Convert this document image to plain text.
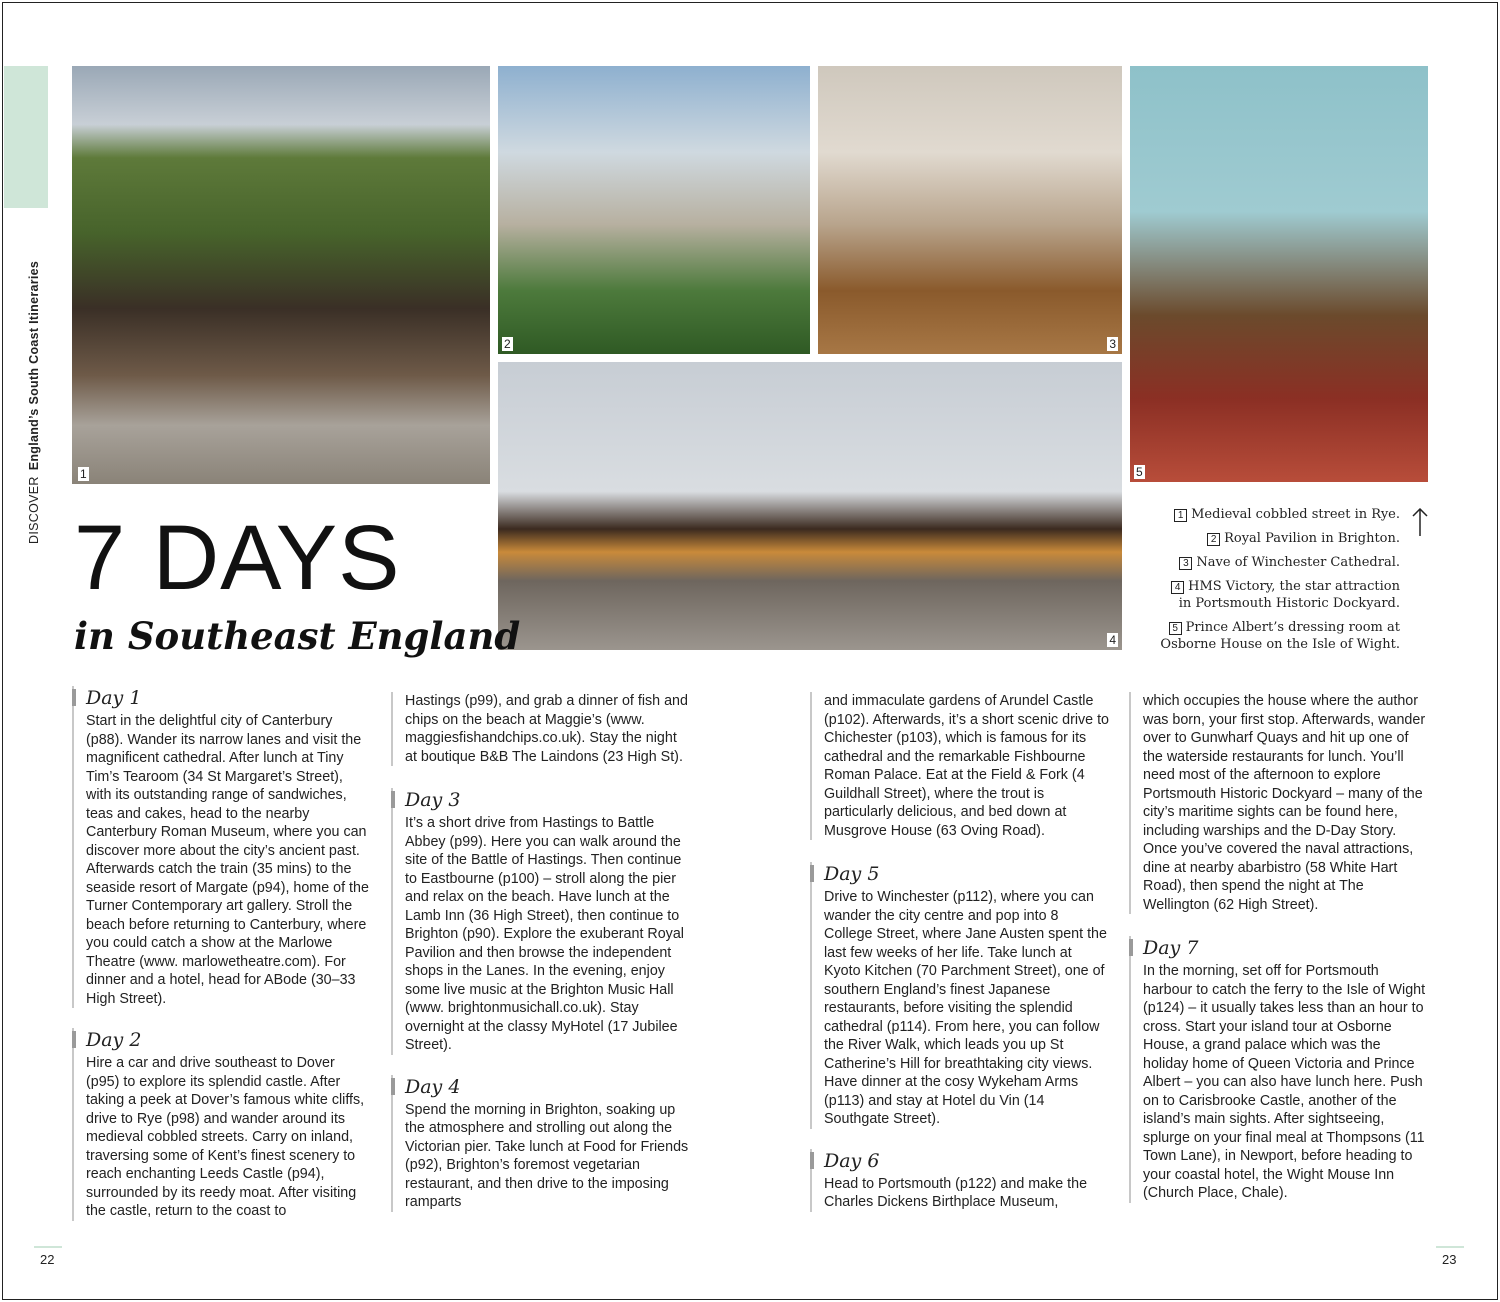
DISCOVEREngland’s South Coast Itineraries
1
2	3
4
5
7 DAYS
in Southeast England
1 Medieval cobbled street in Rye.
2 Royal Pavilion in Brighton.
3 Nave of Winchester Cathedral.
4 HMS Victory, the star attraction in Portsmouth Historic Dockyard.
5 Prince Albert’s dressing room at Osborne House on the Isle of Wight.
Day 1
Start in the delightful city of Canterbury (p88). Wander its narrow lanes and visit the magnificent cathedral. After lunch at Tiny Tim’s Tearoom (34 St Margaret’s Street), with its outstanding range of sandwiches, teas and cakes, head to the nearby Canterbury Roman Museum, where you can discover more about the city’s ancient past. Afterwards catch the train (35 mins) to the seaside resort of Margate (p94), home of the Turner Contemporary art gallery. Stroll the beach before returning to Canterbury, where you could catch a show at the Marlowe Theatre (www. marlowetheatre.com). For dinner and a hotel, head for ABode (30–33 High Street).
Day 2
Hire a car and drive southeast to Dover (p95) to explore its splendid castle. After taking a peek at Dover’s famous white cliffs, drive to Rye (p98) and wander around its medieval cobbled streets. Carry on inland, traversing some of Kent’s finest scenery to reach enchanting Leeds Castle (p94), surrounded by its reedy moat. After visiting the castle, return to the coast to
Hastings (p99), and grab a dinner of fish and chips on the beach at Maggie’s (www. maggiesfishandchips.co.uk). Stay the night at boutique B&B The Laindons (23 High St).
Day 3
It’s a short drive from Hastings to Battle Abbey (p99). Here you can walk around the site of the Battle of Hastings. Then continue to Eastbourne (p100) – stroll along the pier and relax on the beach. Have lunch at the Lamb Inn (36 High Street), then continue to Brighton (p90). Explore the exuberant Royal Pavilion and then browse the independent shops in the Lanes. In the evening, enjoy some live music at the Brighton Music Hall (www. brightonmusichall.co.uk). Stay overnight at the classy MyHotel (17 Jubilee Street).
Day 4
Spend the morning in Brighton, soaking up the atmosphere and strolling out along the Victorian pier. Take lunch at Food for Friends (p92), Brighton’s foremost vegetarian restaurant, and then drive to the imposing ramparts
and immaculate gardens of Arundel Castle (p102). Afterwards, it’s a short scenic drive to Chichester (p103), which is famous for its cathedral and the remarkable Fishbourne Roman Palace. Eat at the Field & Fork (4 Guildhall Street), where the trout is particularly delicious, and bed down at Musgrove House (63 Oving Road).
Day 5
Drive to Winchester (p112), where you can wander the city centre and pop into 8 College Street, where Jane Austen spent the last few weeks of her life. Take lunch at Kyoto Kitchen (70 Parchment Street), one of southern England’s finest Japanese restaurants, before visiting the splendid cathedral (p114). From here, you can follow the River Walk, which leads you up St Catherine’s Hill for breathtaking city views. Have dinner at the cosy Wykeham Arms (p113) and stay at Hotel du Vin (14 Southgate Street).
Day 6
Head to Portsmouth (p122) and make the Charles Dickens Birthplace Museum,
which occupies the house where the author was born, your first stop. Afterwards, wander over to Gunwharf Quays and hit up one of the waterside restaurants for lunch. You’ll need most of the afternoon to explore Portsmouth Historic Dockyard – many of the city’s maritime sights can be found here, including warships and the D-Day Story. Once you’ve covered the naval attractions, dine at nearby abarbistro (58 White Hart Road), then spend the night at The Wellington (62 High Street).
Day 7
In the morning, set off for Portsmouth harbour to catch the ferry to the Isle of Wight (p124) – it usually takes less than an hour to cross. Start your island tour at Osborne House, a grand palace which was the holiday home of Queen Victoria and Prince Albert – you can also have lunch here. Push on to Carisbrooke Castle, another of the island’s main sights. After sightseeing, splurge on your final meal at Thompsons (11 Town Lane), in Newport, before heading to your coastal hotel, the Wight Mouse Inn (Church Place, Chale).
22	23
